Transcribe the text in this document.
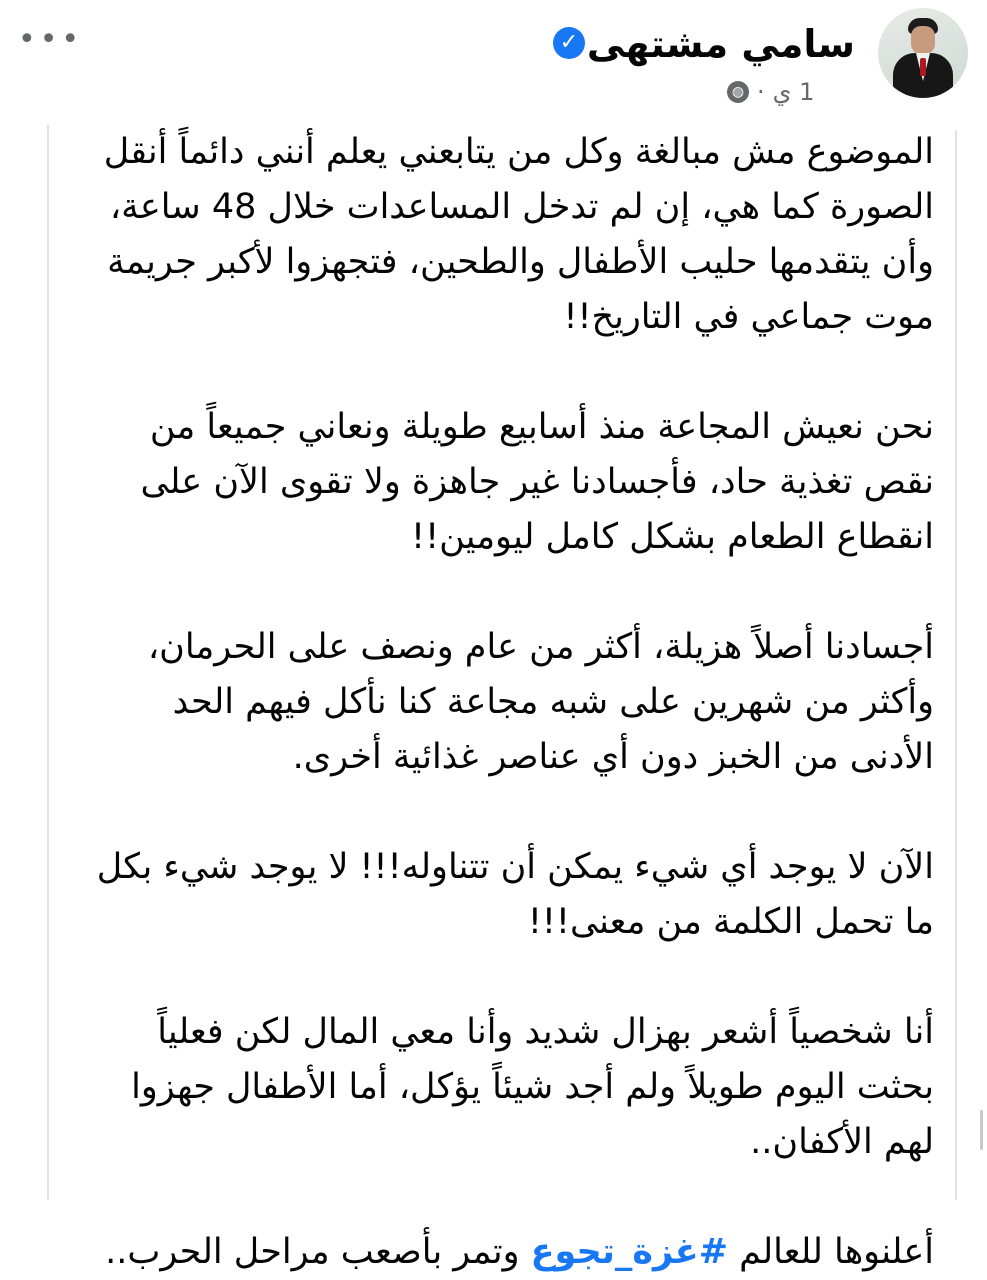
سامي مشتهى
✓
1 ي
·
◍
•••

الموضوع مش مبالغة وكل من يتابعني يعلم أنني دائماً أنقل
الصورة كما هي، إن لم تدخل المساعدات خلال 48 ساعة،
وأن يتقدمها حليب الأطفال والطحين، فتجهزوا لأكبر جريمة
موت جماعي في التاريخ!!

نحن نعيش المجاعة منذ أسابيع طويلة ونعاني جميعاً من
نقص تغذية حاد، فأجسادنا غير جاهزة ولا تقوى الآن على
انقطاع الطعام بشكل كامل ليومين!!

أجسادنا أصلاً هزيلة، أكثر من عام ونصف على الحرمان،
وأكثر من شهرين على شبه مجاعة كنا نأكل فيهم الحد
الأدنى من الخبز دون أي عناصر غذائية أخرى.

الآن لا يوجد أي شيء يمكن أن تتناوله!!! لا يوجد شيء بكل
ما تحمل الكلمة من معنى!!!

أنا شخصياً أشعر بهزال شديد وأنا معي المال لكن فعلياً
بحثت اليوم طويلاً ولم أجد شيئاً يؤكل، أما الأطفال جهزوا
لهم الأكفان..

أعلنوها للعالم #غزة_تجوع وتمر بأصعب مراحل الحرب..
